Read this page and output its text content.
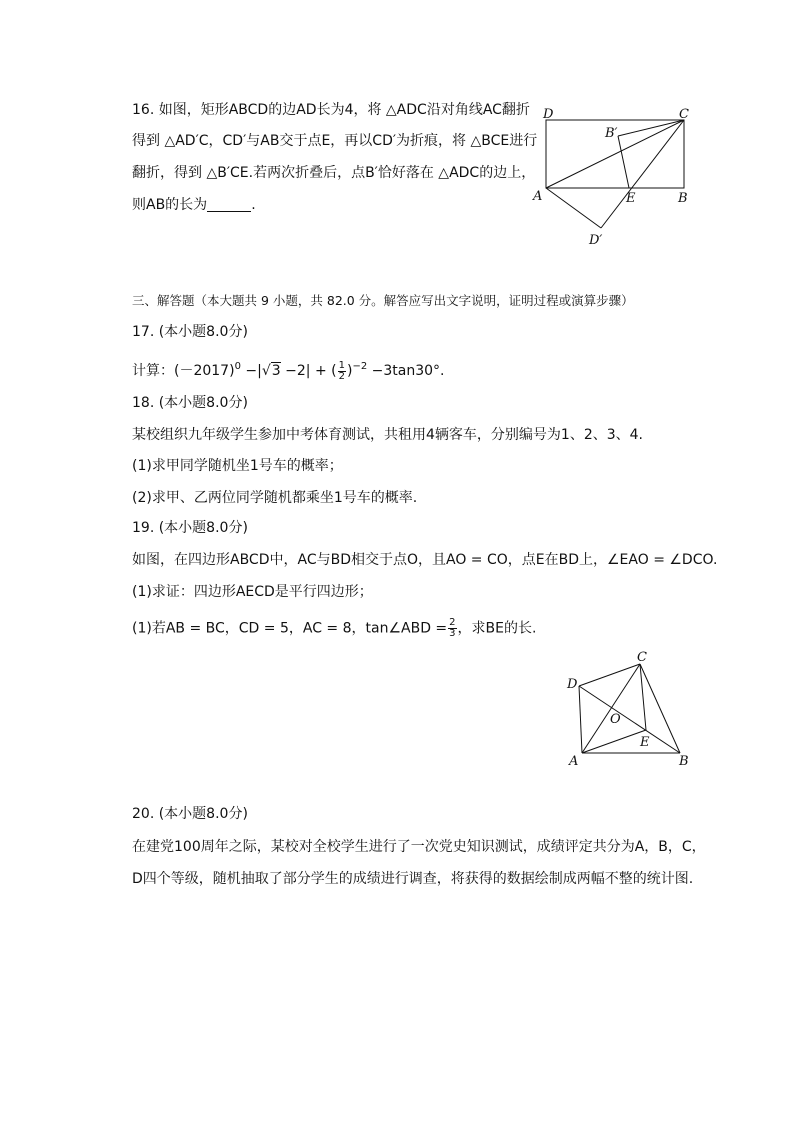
16. 如图，矩形ABCD的边AD长为4，将 △ADC沿对角线AC翻折
得到 △AD′C，CD′与AB交于点E，再以CD′为折痕，将 △BCE进行
翻折，得到 △B′CE.若两次折叠后，点B′恰好落在 △ADC的边上，
则AB的长为	.
D	C
B′
A	E	B
D′
三、解答题（本大题共 9 小题，共 82.0 分。解答应写出文字说明，证明过程或演算步骤）
17. (本小题8.0分)
计算：$(-2017)^0 -|√3 -2|$ + ( $\frac{1}{2} )^{-2} -3\tan 30^\circ$.
18. (本小题8.0分)
某校组织九年级学生参加中考体育测试，共租用4辆客车，分别编号为1、2、3、4.
(1)求甲同学随机坐1号车的概率；
(2)求甲、乙两位同学随机都乘坐1号车的概率.
19. (本小题8.0分)
如图，在四边形ABCD中，AC与BD相交于点O，且AO = CO，点E在BD上，∠EAO = ∠DCO.
(1)求证：四边形AECD是平行四边形；
(1)若AB = BC，CD = 5，AC = 8，tan∠ABD = $\frac{2}{3}$ ，求BE的长.
C
D
O
E
A	B
20. (本小题8.0分)
在建党100周年之际，某校对全校学生进行了一次党史知识测试，成绩评定共分为A，B，C，
D四个等级，随机抽取了部分学生的成绩进行调查，将获得的数据绘制成两幅不整的统计图.
